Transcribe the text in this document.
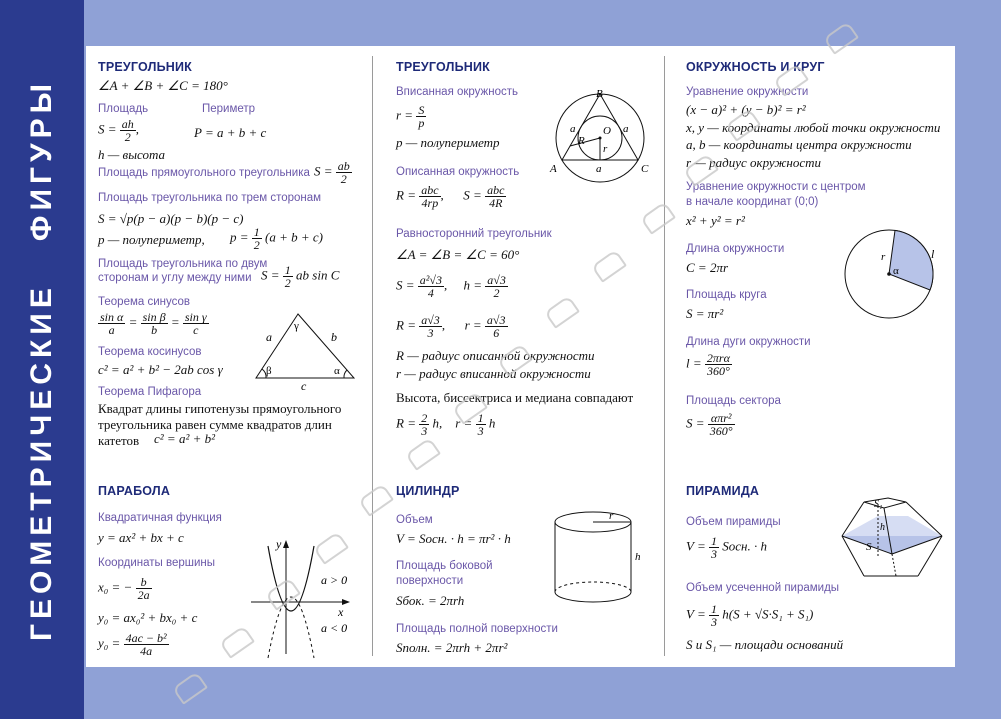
ГЕОМЕТРИЧЕСКИЕФИГУРЫ
ТРЕУГОЛЬНИК
∠A + ∠B + ∠C = 180°
Площадь	Периметр
$S = \frac{ah}{2}$ ,	P = a + b + c
h — высота
Площадь прямоугольного треугольника $S = \frac{ab}{2}$
Площадь треугольника по трем сторонам
S = √p(p − a)(p − b)(p − c)
p — полупериметр, $p = \frac{1}{2} (a + b + c)$
Площадь треугольника по двум
сторонам и углу между ними $S = \frac{1}{2}$ ab sin C
Теорема синусов
$\frac{\text{sin α}}{a} = \frac{\text{sin β}}{b} = \frac{\text{sin γ}}{c}$
Теорема косинусов
c² = a² + b² − 2ab cos γ
Теорема Пифагора
Квадрат длины гипотенузы прямоугольного
треугольника равен сумме квадратов длин
катетов c² = a² + b²
a	b
c
γ
β	α
ПАРАБОЛА
Квадратичная функция
y = ax² + bx + c
Координаты вершины
x₀ = − $\frac{b}{2a}$
y₀ = ax₀² + bx₀ + c
$y_0 = \frac{\text{4ac − b²}}{4a}$
y
x
a > 0
a < 0
ТРЕУГОЛЬНИК
Вписанная окружность
$r = \frac{S}{p}$
p — полупериметр
Описанная окружность
$R = \frac{\text{abc}}{4rp}$ ,      $S = \frac{\text{abc}}{4R}$
Равносторонний треугольник
∠A = ∠B = ∠C = 60°
$S = \frac{\text{a²√3}}{4}$ ,     $h = \frac{a√3}{2}$
$R = \frac{a√3}{3}$ ,      $r = \frac{a√3}{6}$
R — радиус описанной окружности
r — радиус вписанной окружности
Высота, биссектриса и медиана совпадают
$R = \frac{2}{3} h$,    $r = \frac{1}{3}$ h
B
A	C
O
R
r
a	a
a
ЦИЛИНДР
Объем
V = Sосн. · h = πr² · h
Площадь боковой
поверхности
Sбок. = 2πrh
Площадь полной поверхности
Sполн. = 2πrh + 2πr²
r
h
ОКРУЖНОСТЬ И КРУГ
Уравнение окружности
(x − a)² + (y − b)² = r²
x, y — координаты любой точки окружности
a, b — координаты центра окружности
r — радиус окружности
Уравнение окружности с центром
в начале координат (0;0)
x² + y² = r²
Длина окружности
C = 2πr
Площадь круга
S = πr²
Длина дуги окружности
$l = \frac{\text{2πrα}}{360^\circ}$
Площадь сектора
$S = \frac{\text{απr²}}{360^\circ}$
r
α
l
ПИРАМИДА
Объем пирамиды
$V = \frac{1}{3}$ Sосн. · h
Объем усеченной пирамиды
$V = \frac{1}{3} h(S + √S\cdot S_1 + S_1)$
S и S₁ — площади оснований
S₁
h
S
